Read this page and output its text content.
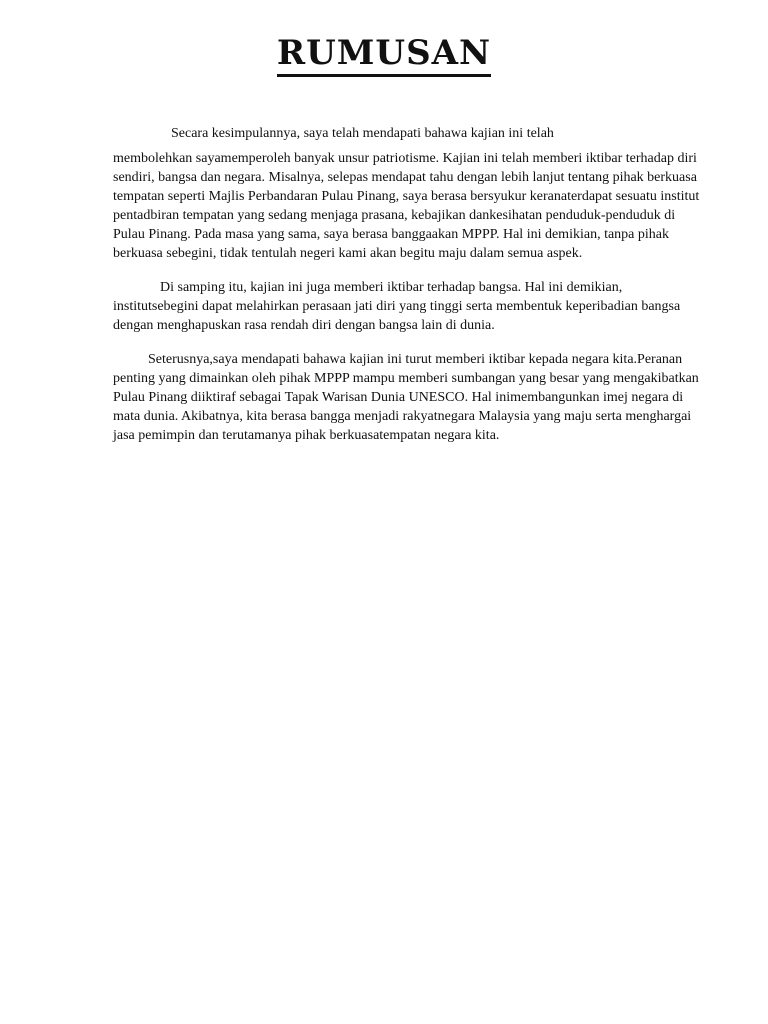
RUMUSAN

Secara kesimpulannya, saya telah mendapati bahawa kajian ini telah

membolehkan sayamemperoleh banyak unsur patriotisme. Kajian ini telah memberi iktibar terhadap diri sendiri, bangsa dan negara. Misalnya, selepas mendapat tahu dengan lebih lanjut tentang pihak berkuasa tempatan seperti Majlis Perbandaran Pulau Pinang, saya berasa bersyukur keranaterdapat sesuatu institut pentadbiran tempatan yang sedang menjaga prasana, kebajikan dankesihatan penduduk-penduduk di Pulau Pinang. Pada masa yang sama, saya berasa banggaakan MPPP. Hal ini demikian, tanpa pihak berkuasa sebegini, tidak tentulah negeri kami akan begitu maju dalam semua aspek.

Di samping itu, kajian ini juga memberi iktibar terhadap bangsa. Hal ini demikian, institutsebegini dapat melahirkan perasaan jati diri yang tinggi serta membentuk keperibadian bangsa dengan menghapuskan rasa rendah diri dengan bangsa lain di dunia.

Seterusnya,saya mendapati bahawa kajian ini turut memberi iktibar kepada negara kita.Peranan penting yang dimainkan oleh pihak MPPP mampu memberi sumbangan yang besar yang mengakibatkan Pulau Pinang diiktiraf sebagai Tapak Warisan Dunia UNESCO. Hal inimembangunkan imej negara di mata dunia. Akibatnya, kita berasa bangga menjadi rakyatnegara Malaysia yang maju serta menghargai jasa pemimpin dan terutamanya pihak berkuasatempatan negara kita.
